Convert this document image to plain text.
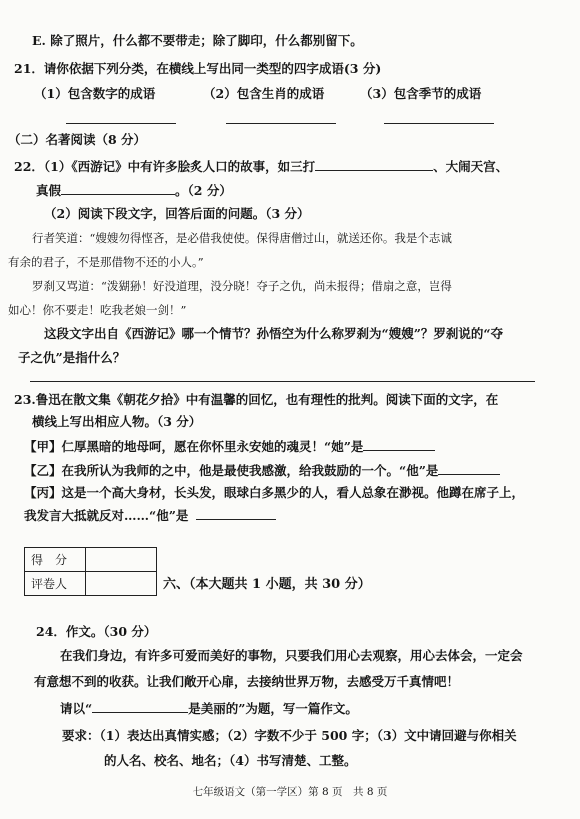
E. 除了照片，什么都不要带走；除了脚印，什么都别留下。
21．请你依据下列分类，在横线上写出同一类型的四字成语(3 分)
（1）包含数字的成语	（2）包含生肖的成语	（3）包含季节的成语
（二）名著阅读（8 分）
22．（1）《西游记》中有许多脍炙人口的故事，如三打	、大闹天宫、
真假	。（2 分）
（2）阅读下段文字，回答后面的问题。（3 分）
行者笑道：“嫂嫂勿得悭吝，是必借我使使。保得唐僧过山，就送还你。我是个志诚
有余的君子，不是那借物不还的小人。”
罗刹又骂道：“泼猢狲！好没道理，没分晓！夺子之仇，尚未报得；借扇之意，岂得
如心！你不要走！吃我老娘一剑！”
这段文字出自《西游记》哪一个情节？孙悟空为什么称罗刹为“嫂嫂”？罗刹说的“夺
子之仇”是指什么？
23.鲁迅在散文集《朝花夕拾》中有温馨的回忆，也有理性的批判。阅读下面的文字，在
横线上写出相应人物。（3 分）
【甲】仁厚黑暗的地母呵，愿在你怀里永安她的魂灵！“她”是
【乙】在我所认为我师的之中，他是最使我感激，给我鼓励的一个。“他”是
【丙】这是一个高大身材，长头发，眼球白多黑少的人，看人总象在渺视。他蹲在席子上，
我发言大抵就反对……“他”是
得　分	
评卷人		六、（本大题共 1 小题，共 30 分）
24．作文。（30 分）
在我们身边，有许多可爱而美好的事物，只要我们用心去观察，用心去体会，一定会
有意想不到的收获。让我们敞开心扉，去接纳世界万物，去感受万千真情吧！
请以“	是美丽的”为题，写一篇作文。
要求：（1）表达出真情实感；（2）字数不少于 500 字；（3）文中请回避与你相关
的人名、校名、地名；（4）书写清楚、工整。
七年级语文（第一学区）第 8 页　共 8 页
